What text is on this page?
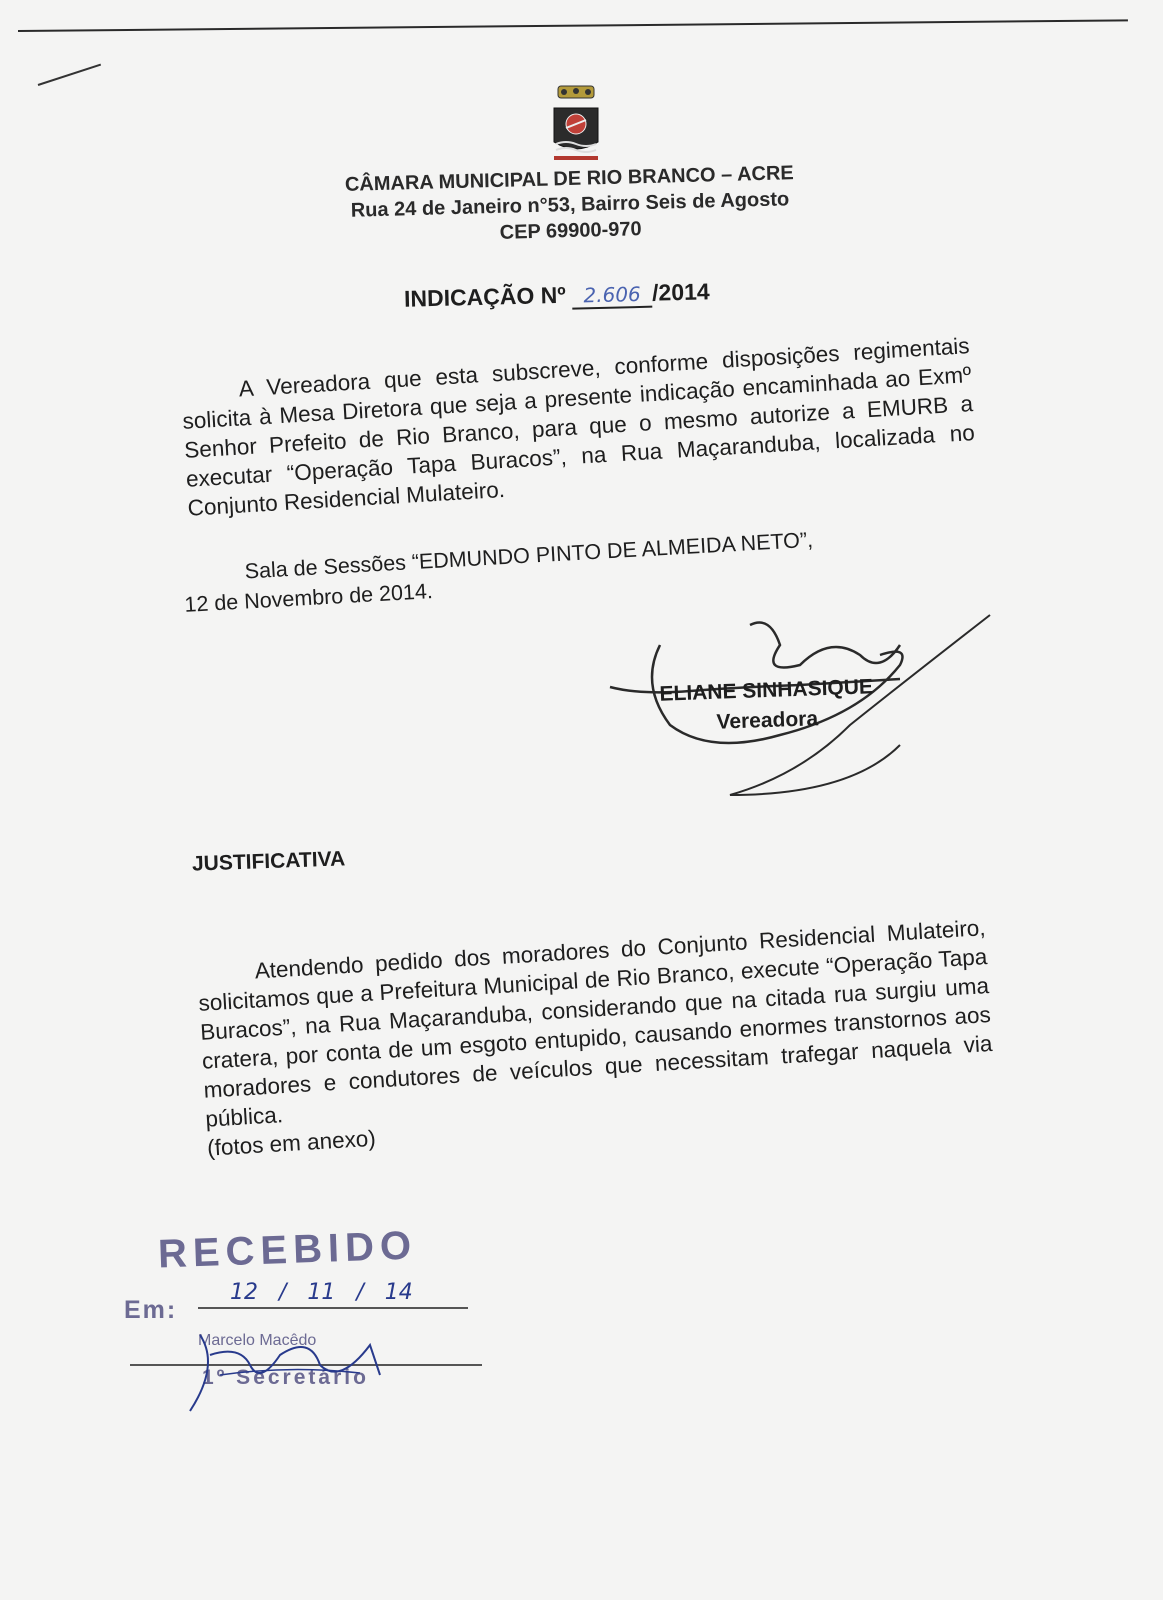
CÂMARA MUNICIPAL DE RIO BRANCO – ACRE
Rua 24 de Janeiro n°53, Bairro Seis de Agosto
CEP 69900-970
INDICAÇÃO Nº 2.606 /2014
A Vereadora que esta subscreve, conforme disposições regimentais solicita à Mesa Diretora que seja a presente indicação encaminhada ao Exmº Senhor Prefeito de Rio Branco, para que o mesmo autorize a EMURB a executar “Operação Tapa Buracos”, na Rua Maçaranduba, localizada no Conjunto Residencial Mulateiro.
Sala de Sessões “EDMUNDO PINTO DE ALMEIDA NETO”,
12 de Novembro de 2014.
ELIANE SINHASIQUE
Vereadora
JUSTIFICATIVA
Atendendo pedido dos moradores do Conjunto Residencial Mulateiro, solicitamos que a Prefeitura Municipal de Rio Branco, execute “Operação Tapa Buracos”, na Rua Maçaranduba, considerando que na citada rua surgiu uma cratera, por conta de um esgoto entupido, causando enormes transtornos aos moradores e condutores de veículos que necessitam trafegar naquela via pública.
(fotos em anexo)
RECEBIDO
Em:
12 / 11 / 14
Marcelo Macêdo
1º Secretário
